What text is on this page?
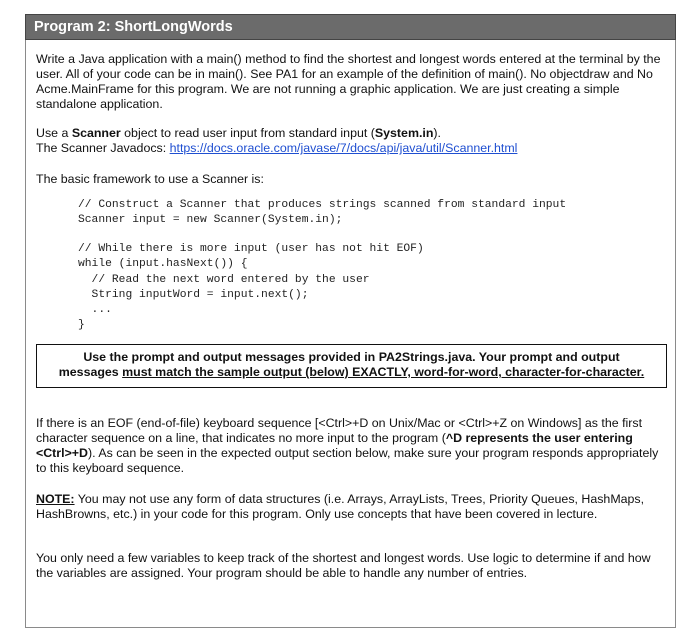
Program 2: ShortLongWords

Write a Java application with a main() method to find the shortest and longest words entered at the terminal by the user. All of your code can be in main(). See PA1 for an example of the definition of main(). No objectdraw and No Acme.MainFrame for this program. We are not running a graphic application. We are just creating a simple standalone application.

Use a Scanner object to read user input from standard input (System.in).
The Scanner Javadocs: https://docs.oracle.com/javase/7/docs/api/java/util/Scanner.html

The basic framework to use a Scanner is:

// Construct a Scanner that produces strings scanned from standard input
Scanner input = new Scanner(System.in);
// While there is more input (user has not hit EOF)
while (input.hasNext()) {
// Read the next word entered by the user
String inputWord = input.next();
...
}
Use the prompt and output messages provided in PA2Strings.java. Your prompt and output
messages must match the sample output (below) EXACTLY, word-for-word, character-for-character.

If there is an EOF (end-of-file) keyboard sequence [<Ctrl>+D on Unix/Mac or <Ctrl>+Z on Windows] as the first character sequence on a line, that indicates no more input to the program (^D represents the user entering <Ctrl>+D). As can be seen in the expected output section below, make sure your program responds appropriately to this keyboard sequence.

NOTE: You may not use any form of data structures (i.e. Arrays, ArrayLists, Trees, Priority Queues, HashMaps, HashBrowns, etc.) in your code for this program. Only use concepts that have been covered in lecture.

You only need a few variables to keep track of the shortest and longest words. Use logic to determine if and how the variables are assigned. Your program should be able to handle any number of entries.
